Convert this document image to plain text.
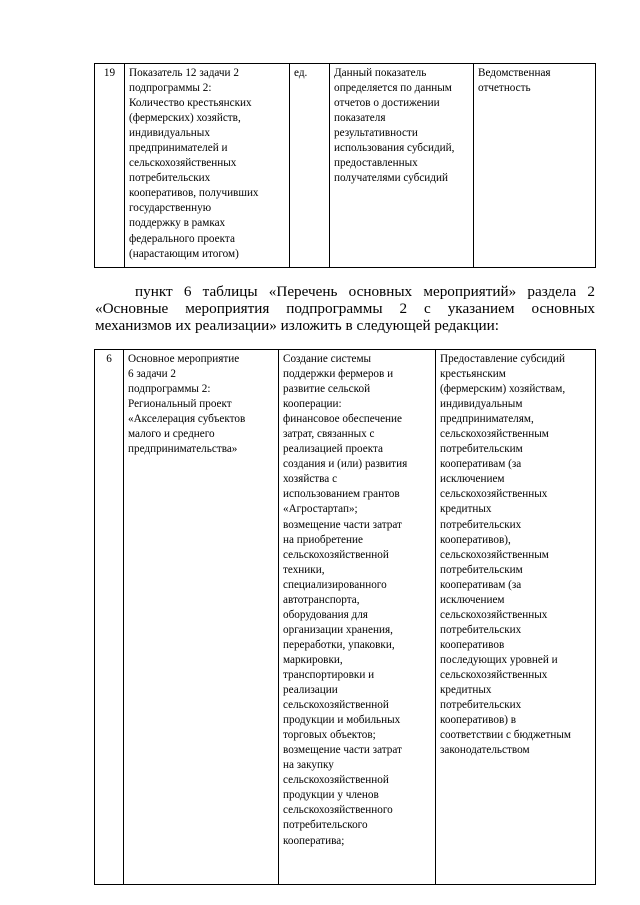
19	Показатель 12 задачи 2
подпрограммы 2:
Количество крестьянских
(фермерских) хозяйств,
индивидуальных
предпринимателей и
сельскохозяйственных
потребительских
кооперативов, получивших
государственную
поддержку в рамках
федерального проекта
(нарастающим итогом)	ед.	Данный показатель
определяется по данным
отчетов о достижении
показателя
результативности
использования субсидий,
предоставленных
получателями субсидий	Ведомственная
отчетность

пункт 6 таблицы «Перечень основных мероприятий» раздела 2 «Основные мероприятия подпрограммы 2 с указанием основных механизмов их реализации» изложить в следующей редакции:

6	Основное мероприятие
6 задачи 2
подпрограммы 2:
Региональный проект
«Акселерация субъектов
малого и среднего
предпринимательства»	Создание системы
поддержки фермеров и
развитие сельской
кооперации:
финансовое обеспечение
затрат, связанных с
реализацией проекта
создания и (или) развития
хозяйства с
использованием грантов
«Агростартап»;
возмещение части затрат
на приобретение
сельскохозяйственной
техники,
специализированного
автотранспорта,
оборудования для
организации хранения,
переработки, упаковки,
маркировки,
транспортировки и
реализации
сельскохозяйственной
продукции и мобильных
торговых объектов;
возмещение части затрат
на закупку
сельскохозяйственной
продукции у членов
сельскохозяйственного
потребительского
кооператива;	Предоставление субсидий
крестьянским
(фермерским) хозяйствам,
индивидуальным
предпринимателям,
сельскохозяйственным
потребительским
кооперативам (за
исключением
сельскохозяйственных
кредитных
потребительских
кооперативов),
сельскохозяйственным
потребительским
кооперативам (за
исключением
сельскохозяйственных
потребительских
кооперативов
последующих уровней и
сельскохозяйственных
кредитных
потребительских
кооперативов) в
соответствии с бюджетным
законодательством
